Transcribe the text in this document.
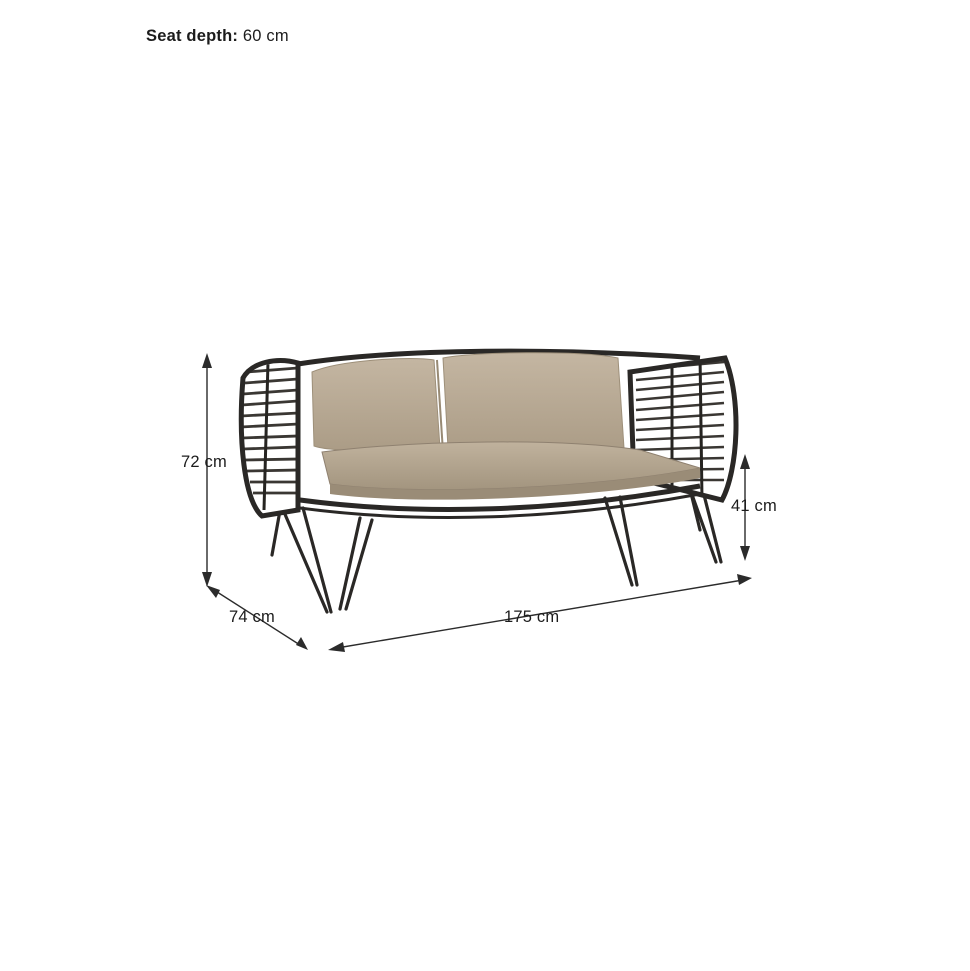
Seat depth: 60 cm
72 cm
175 cm
74 cm
41 cm
